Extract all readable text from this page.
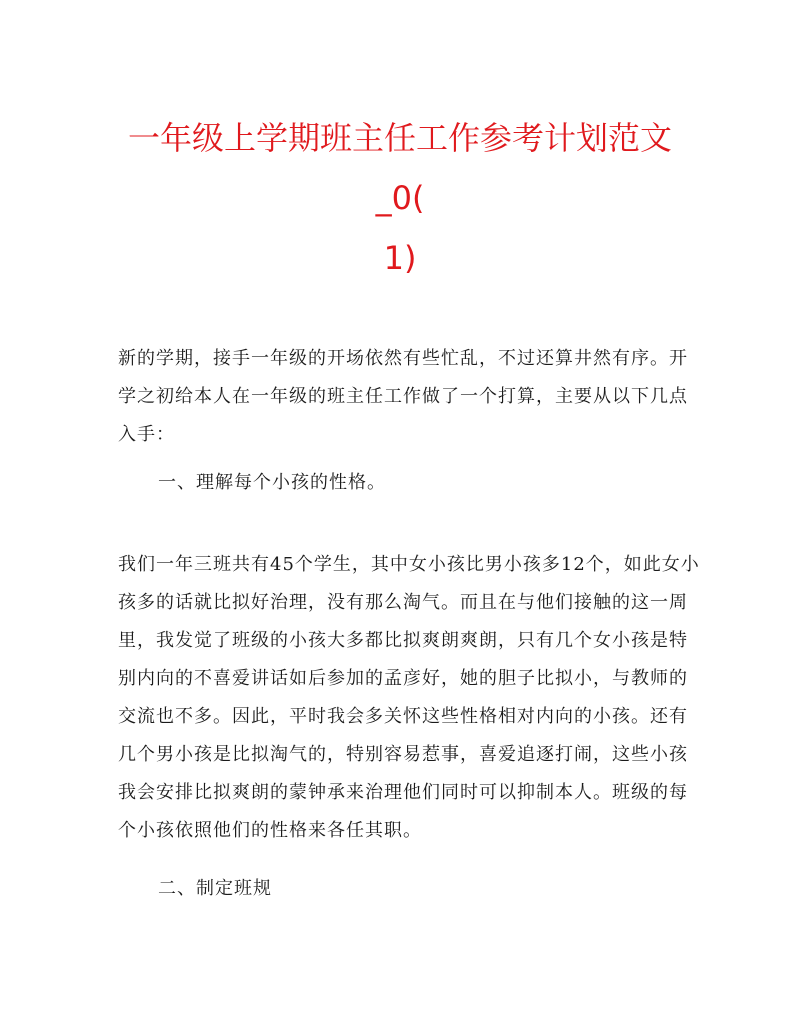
一年级上学期班主任工作参考计划范文_0(
1)
新的学期，接手一年级的开场依然有些忙乱，不过还算井然有序。开
学之初给本人在一年级的班主任工作做了一个打算，主要从以下几点
入手：
一、理解每个小孩的性格。
我们一年三班共有45个学生，其中女小孩比男小孩多12个，如此女小
孩多的话就比拟好治理，没有那么淘气。而且在与他们接触的这一周
里，我发觉了班级的小孩大多都比拟爽朗爽朗，只有几个女小孩是特
别内向的不喜爱讲话如后参加的孟彦好，她的胆子比拟小，与教师的
交流也不多。因此，平时我会多关怀这些性格相对内向的小孩。还有
几个男小孩是比拟淘气的，特别容易惹事，喜爱追逐打闹，这些小孩
我会安排比拟爽朗的蒙钟承来治理他们同时可以抑制本人。班级的每
个小孩依照他们的性格来各任其职。
二、制定班规
